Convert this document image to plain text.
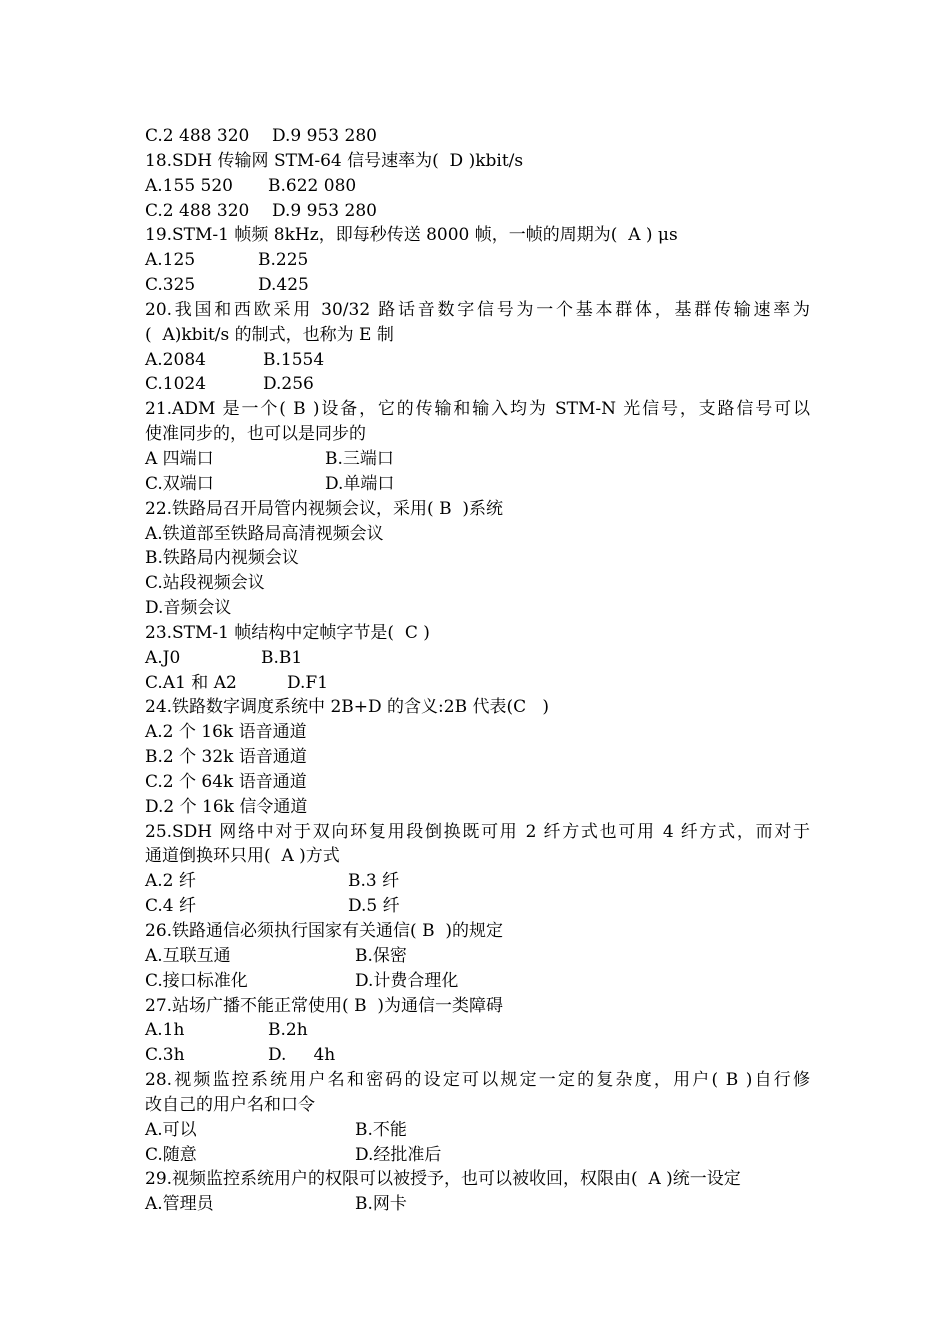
C.2 488 320 D.9 953 280
18.SDH 传输网 STM-64 信号速率为(  D )kbit/s
A.155 520 B.622 080
C.2 488 320 D.9 953 280
19.STM-1 帧频 8kHz，即每秒传送 8000 帧，一帧的周期为(  A ) μs
A.125	B.225
C.325	D.425
20.我国和西欧采用 30/32 路话音数字信号为一个基本群体，基群传输速率为
(  A)kbit/s 的制式，也称为 E 制
A.2084	B.1554
C.1024	D.256
21.ADM 是一个( B )设备，它的传输和输入均为 STM-N 光信号，支路信号可以
使准同步的，也可以是同步的
A 四端口	B.三端口
C.双端口	D.单端口
22.铁路局召开局管内视频会议，采用( B  )系统
A.铁道部至铁路局高清视频会议
B.铁路局内视频会议
C.站段视频会议
D.音频会议
23.STM-1 帧结构中定帧字节是(  C )
A.J0	B.B1
C.A1 和 A2	D.F1
24.铁路数字调度系统中 2B+D 的含义:2B 代表(C   )
A.2 个 16k 语音通道
B.2 个 32k 语音通道
C.2 个 64k 语音通道
D.2 个 16k 信令通道
25.SDH 网络中对于双向环复用段倒换既可用 2 纤方式也可用 4 纤方式，而对于
通道倒换环只用(  A )方式
A.2 纤	B.3 纤
C.4 纤	D.5 纤
26.铁路通信必须执行国家有关通信( B  )的规定
A.互联互通	B.保密
C.接口标准化	D.计费合理化
27.站场广播不能正常使用( B  )为通信一类障碍
A.1h	B.2h
C.3h	D.     4h
28.视频监控系统用户名和密码的设定可以规定一定的复杂度，用户( B )自行修
改自己的用户名和口令
A.可以	B.不能
C.随意	D.经批准后
29.视频监控系统用户的权限可以被授予，也可以被收回，权限由(  A )统一设定
A.管理员	B.网卡
